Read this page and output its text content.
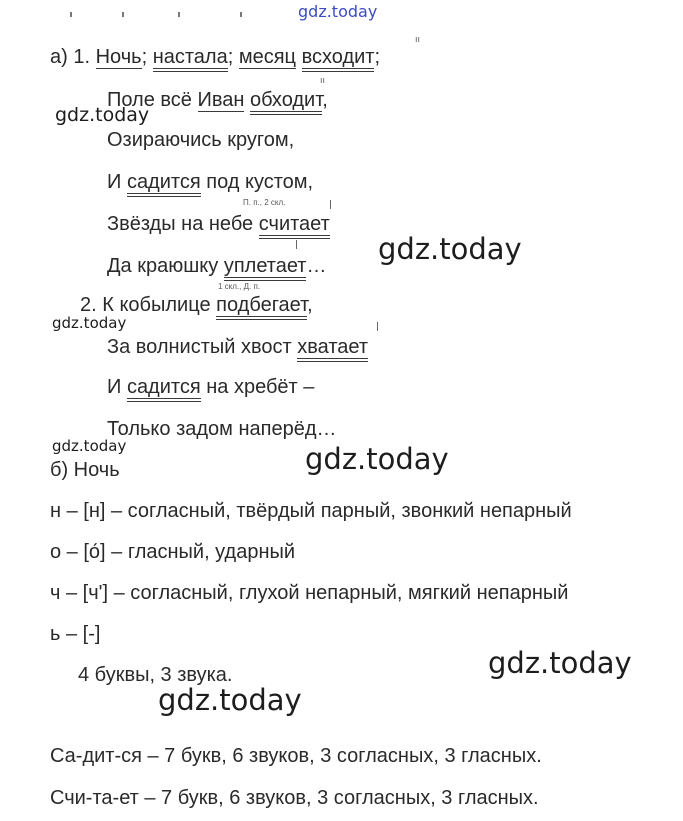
gdz.today
ıı
ıı
а) 1. Ночь; настала; месяц всходит;
Поле всё Иван обходит,
gdz.today
Озираючись кругом,
И садится под кустом,
П. п., 2 скл.
Звёзды на небе считает
gdz.today
Да краюшку уплетает…
1 скл., Д. п.
2. К кобылице подбегает,
gdz.today
За волнистый хвост хватает
И садится на хребёт –
Только задом наперёд…
gdz.today	gdz.today
б) Ночь
н – [н] – согласный, твёрдый парный, звонкий непарный
о – [о́] – гласный, ударный
ч – [ч'] – согласный, глухой непарный, мягкий непарный
ь – [-]
gdz.today
4 буквы, 3 звука.
gdz.today
Са-дит-ся – 7 букв, 6 звуков, 3 согласных, 3 гласных.
Счи-та-ет – 7 букв, 6 звуков, 3 согласных, 3 гласных.
